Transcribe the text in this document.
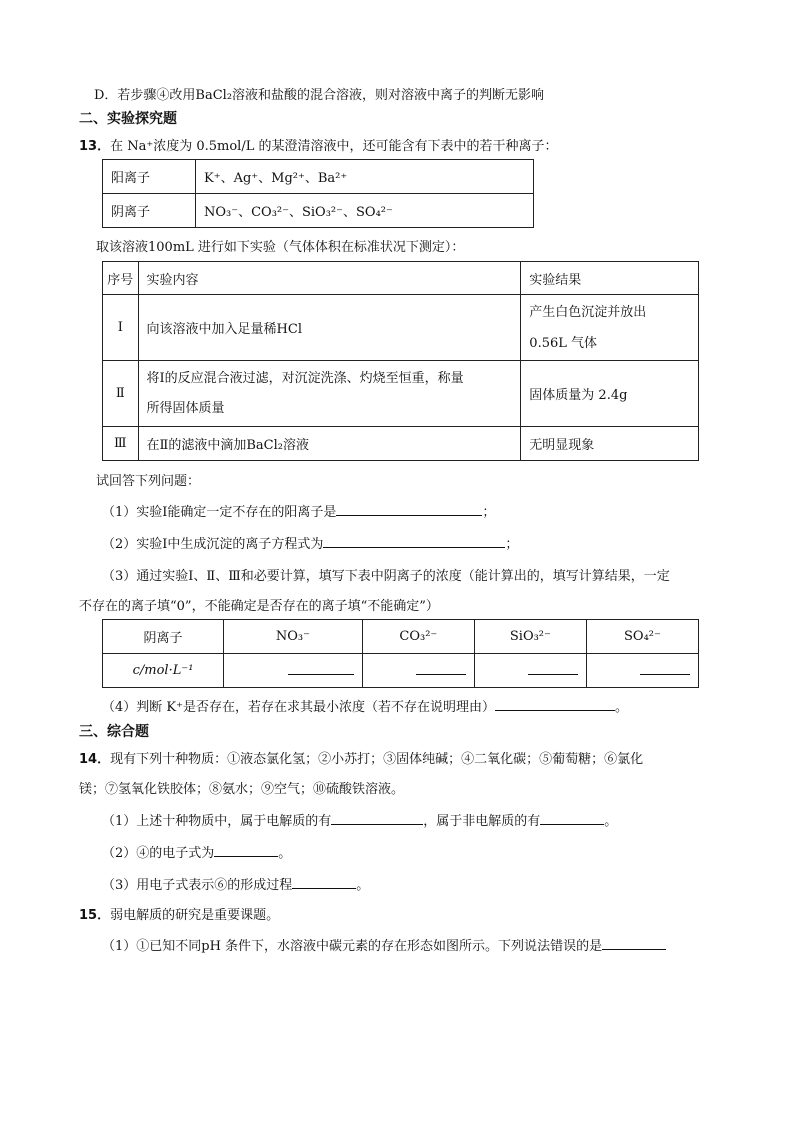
D．若步骤④改用BaCl₂溶液和盐酸的混合溶液，则对溶液中离子的判断无影响
二、实验探究题
13．在 Na⁺浓度为 0.5mol/L 的某澄清溶液中，还可能含有下表中的若干种离子：
阳离子	K⁺、Ag⁺、Mg²⁺、Ba²⁺
阴离子	NO₃⁻、CO₃²⁻、SiO₃²⁻、SO₄²⁻
取该溶液100mL 进行如下实验（气体体积在标准状况下测定）：
序号	实验内容	实验结果
Ⅰ	向该溶液中加入足量稀HCl	产生白色沉淀并放出
0.56L 气体

Ⅱ	将Ⅰ的反应混合液过滤，对沉淀洗涤、灼烧至恒重，称量
所得固体质量	固体质量为 2.4g
Ⅲ	在Ⅱ的滤液中滴加BaCl₂溶液	无明显现象
试回答下列问题：
（1）实验Ⅰ能确定一定不存在的阳离子是	；
（2）实验Ⅰ中生成沉淀的离子方程式为	；
（3）通过实验Ⅰ、Ⅱ、Ⅲ和必要计算，填写下表中阴离子的浓度（能计算出的，填写计算结果，一定
不存在的离子填“0”，不能确定是否存在的离子填“不能确定”）
阴离子	NO₃⁻	CO₃²⁻	SiO₃²⁻	SO₄²⁻
c/mol·L⁻¹				
（4）判断 K⁺是否存在，若存在求其最小浓度（若不存在说明理由）	。
三、综合题
14．现有下列十种物质：①液态氯化氢；②小苏打；③固体纯碱；④二氧化碳；⑤葡萄糖；⑥氯化
镁；⑦氢氧化铁胶体；⑧氨水；⑨空气；⑩硫酸铁溶液。
（1）上述十种物质中，属于电解质的有	，属于非电解质的有	。
（2）④的电子式为	。
（3）用电子式表示⑥的形成过程	。
15．弱电解质的研究是重要课题。
（1）①已知不同pH 条件下，水溶液中碳元素的存在形态如图所示。下列说法错误的是
